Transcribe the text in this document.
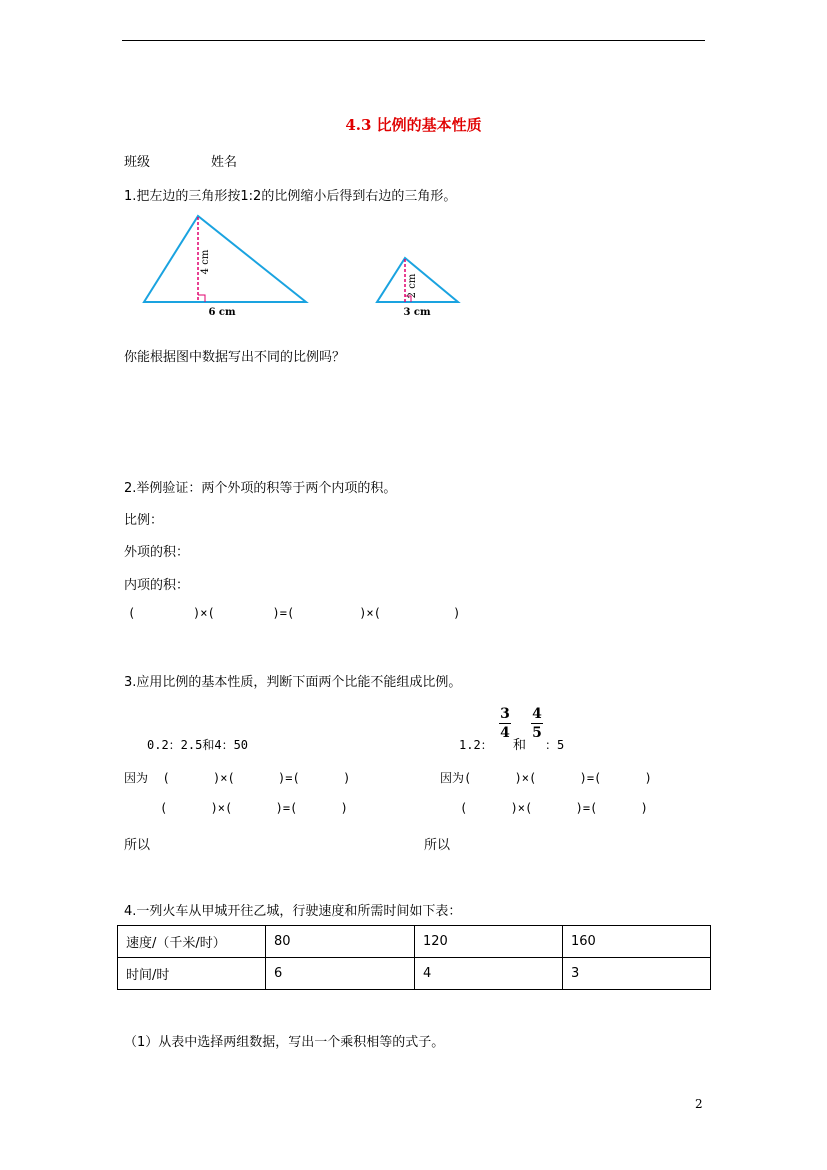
4.3 比例的基本性质
班级	姓名
1.把左边的三角形按1:2的比例缩小后得到右边的三角形。
4 cm
6 cm
2 cm
3 cm
你能根据图中数据写出不同的比例吗？
2.举例验证：两个外项的积等于两个内项的积。
比例：
外项的积：
内项的积：
(        )×(        )=(         )×(          )
3.应用比例的基本性质，判断下面两个比能不能组成比例。
0.2：2.5和4：50	1.2：
3
4
和
4
5
：5
因为  (      )×(      )=(      )	因为(      )×(      )=(      )
(      )×(      )=(      )	(      )×(      )=(      )
所以	所以
4.一列火车从甲城开往乙城，行驶速度和所需时间如下表：
速度/（千米/时）	80	120	160
时间/时	6	4	3
（1）从表中选择两组数据，写出一个乘积相等的式子。
2
